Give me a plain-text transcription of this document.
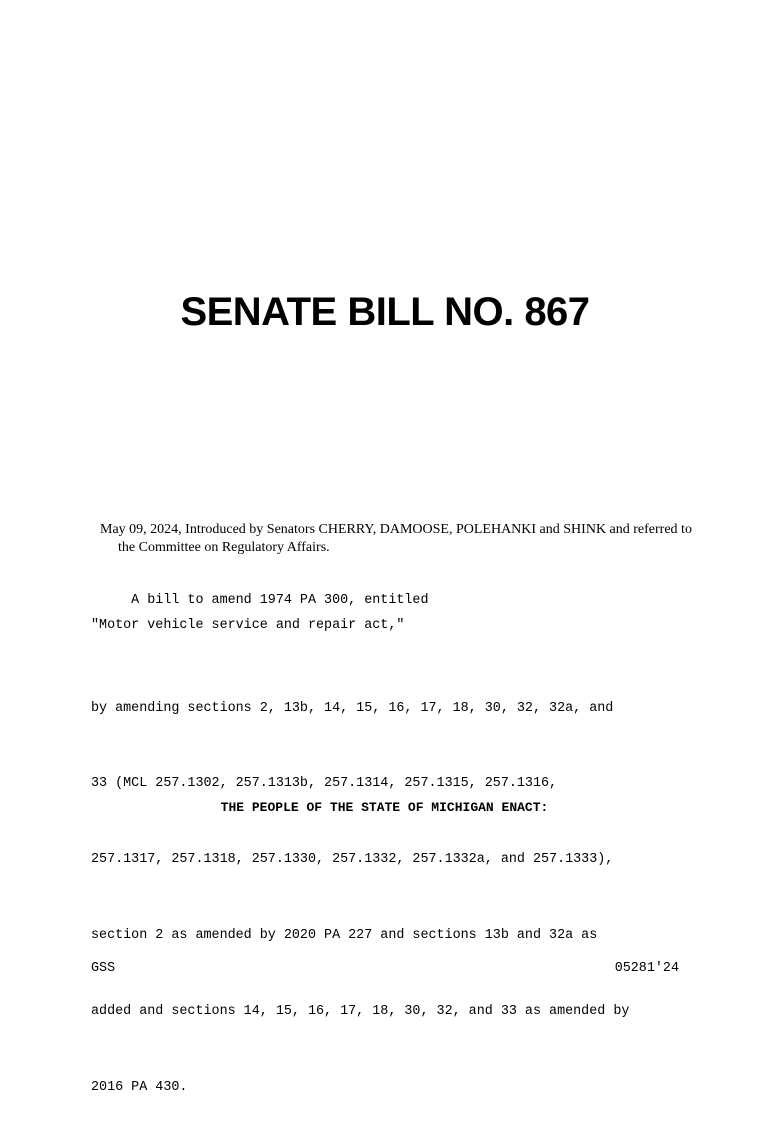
SENATE BILL NO. 867
May 09, 2024, Introduced by Senators CHERRY, DAMOOSE, POLEHANKI and SHINK and referred to the Committee on Regulatory Affairs.
A bill to amend 1974 PA 300, entitled
"Motor vehicle service and repair act,"

by amending sections 2, 13b, 14, 15, 16, 17, 18, 30, 32, 32a, and

33 (MCL 257.1302, 257.1313b, 257.1314, 257.1315, 257.1316,

257.1317, 257.1318, 257.1330, 257.1332, 257.1332a, and 257.1333),

section 2 as amended by 2020 PA 227 and sections 13b and 32a as

added and sections 14, 15, 16, 17, 18, 30, 32, and 33 as amended by

2016 PA 430.

THE PEOPLE OF THE STATE OF MICHIGAN ENACT:
GSS	05281'24
